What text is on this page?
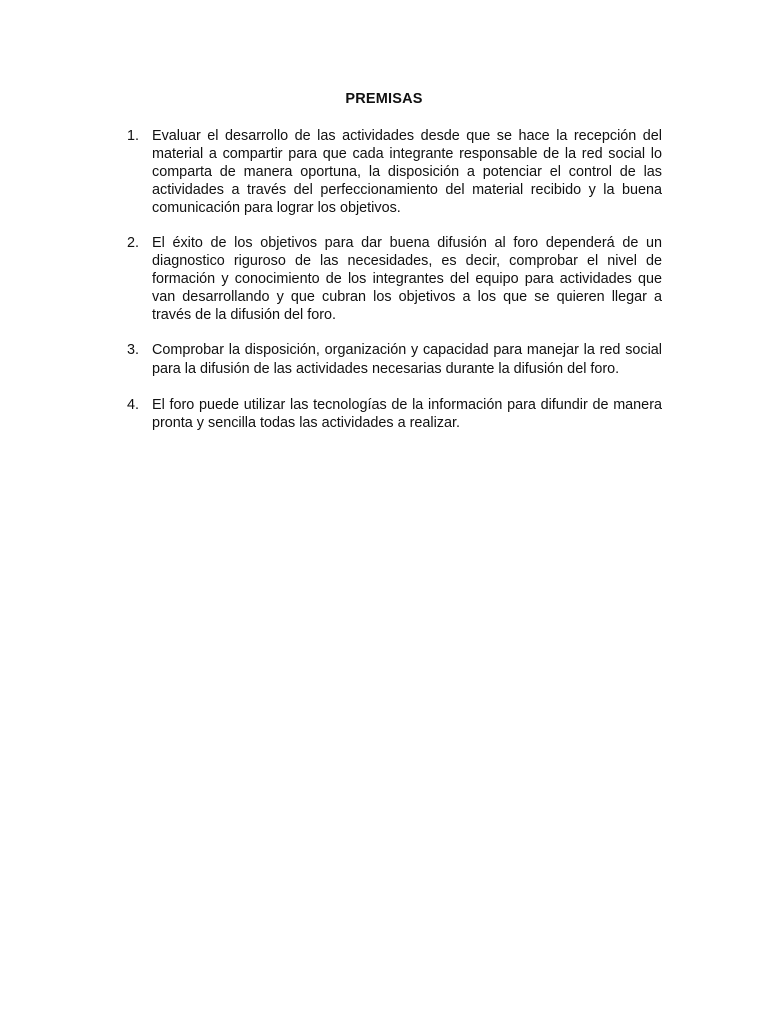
PREMISAS
1. Evaluar el desarrollo de las actividades desde que se hace la recepción del material a compartir para que cada integrante responsable de la red social lo comparta de manera oportuna, la disposición a potenciar el control de las actividades a través del perfeccionamiento del material recibido y la buena comunicación para lograr los objetivos.
2. El éxito de los objetivos para dar buena difusión al foro dependerá de un diagnostico riguroso de las necesidades, es decir, comprobar el nivel de formación y conocimiento de los integrantes del equipo para actividades que van desarrollando y que cubran los objetivos a los que se quieren llegar a través de la difusión del foro.
3. Comprobar la disposición, organización y capacidad para manejar la red social para la difusión de las actividades necesarias durante la difusión del foro.
4. El foro puede utilizar las tecnologías de la información para difundir de manera pronta y sencilla todas las actividades a realizar.
